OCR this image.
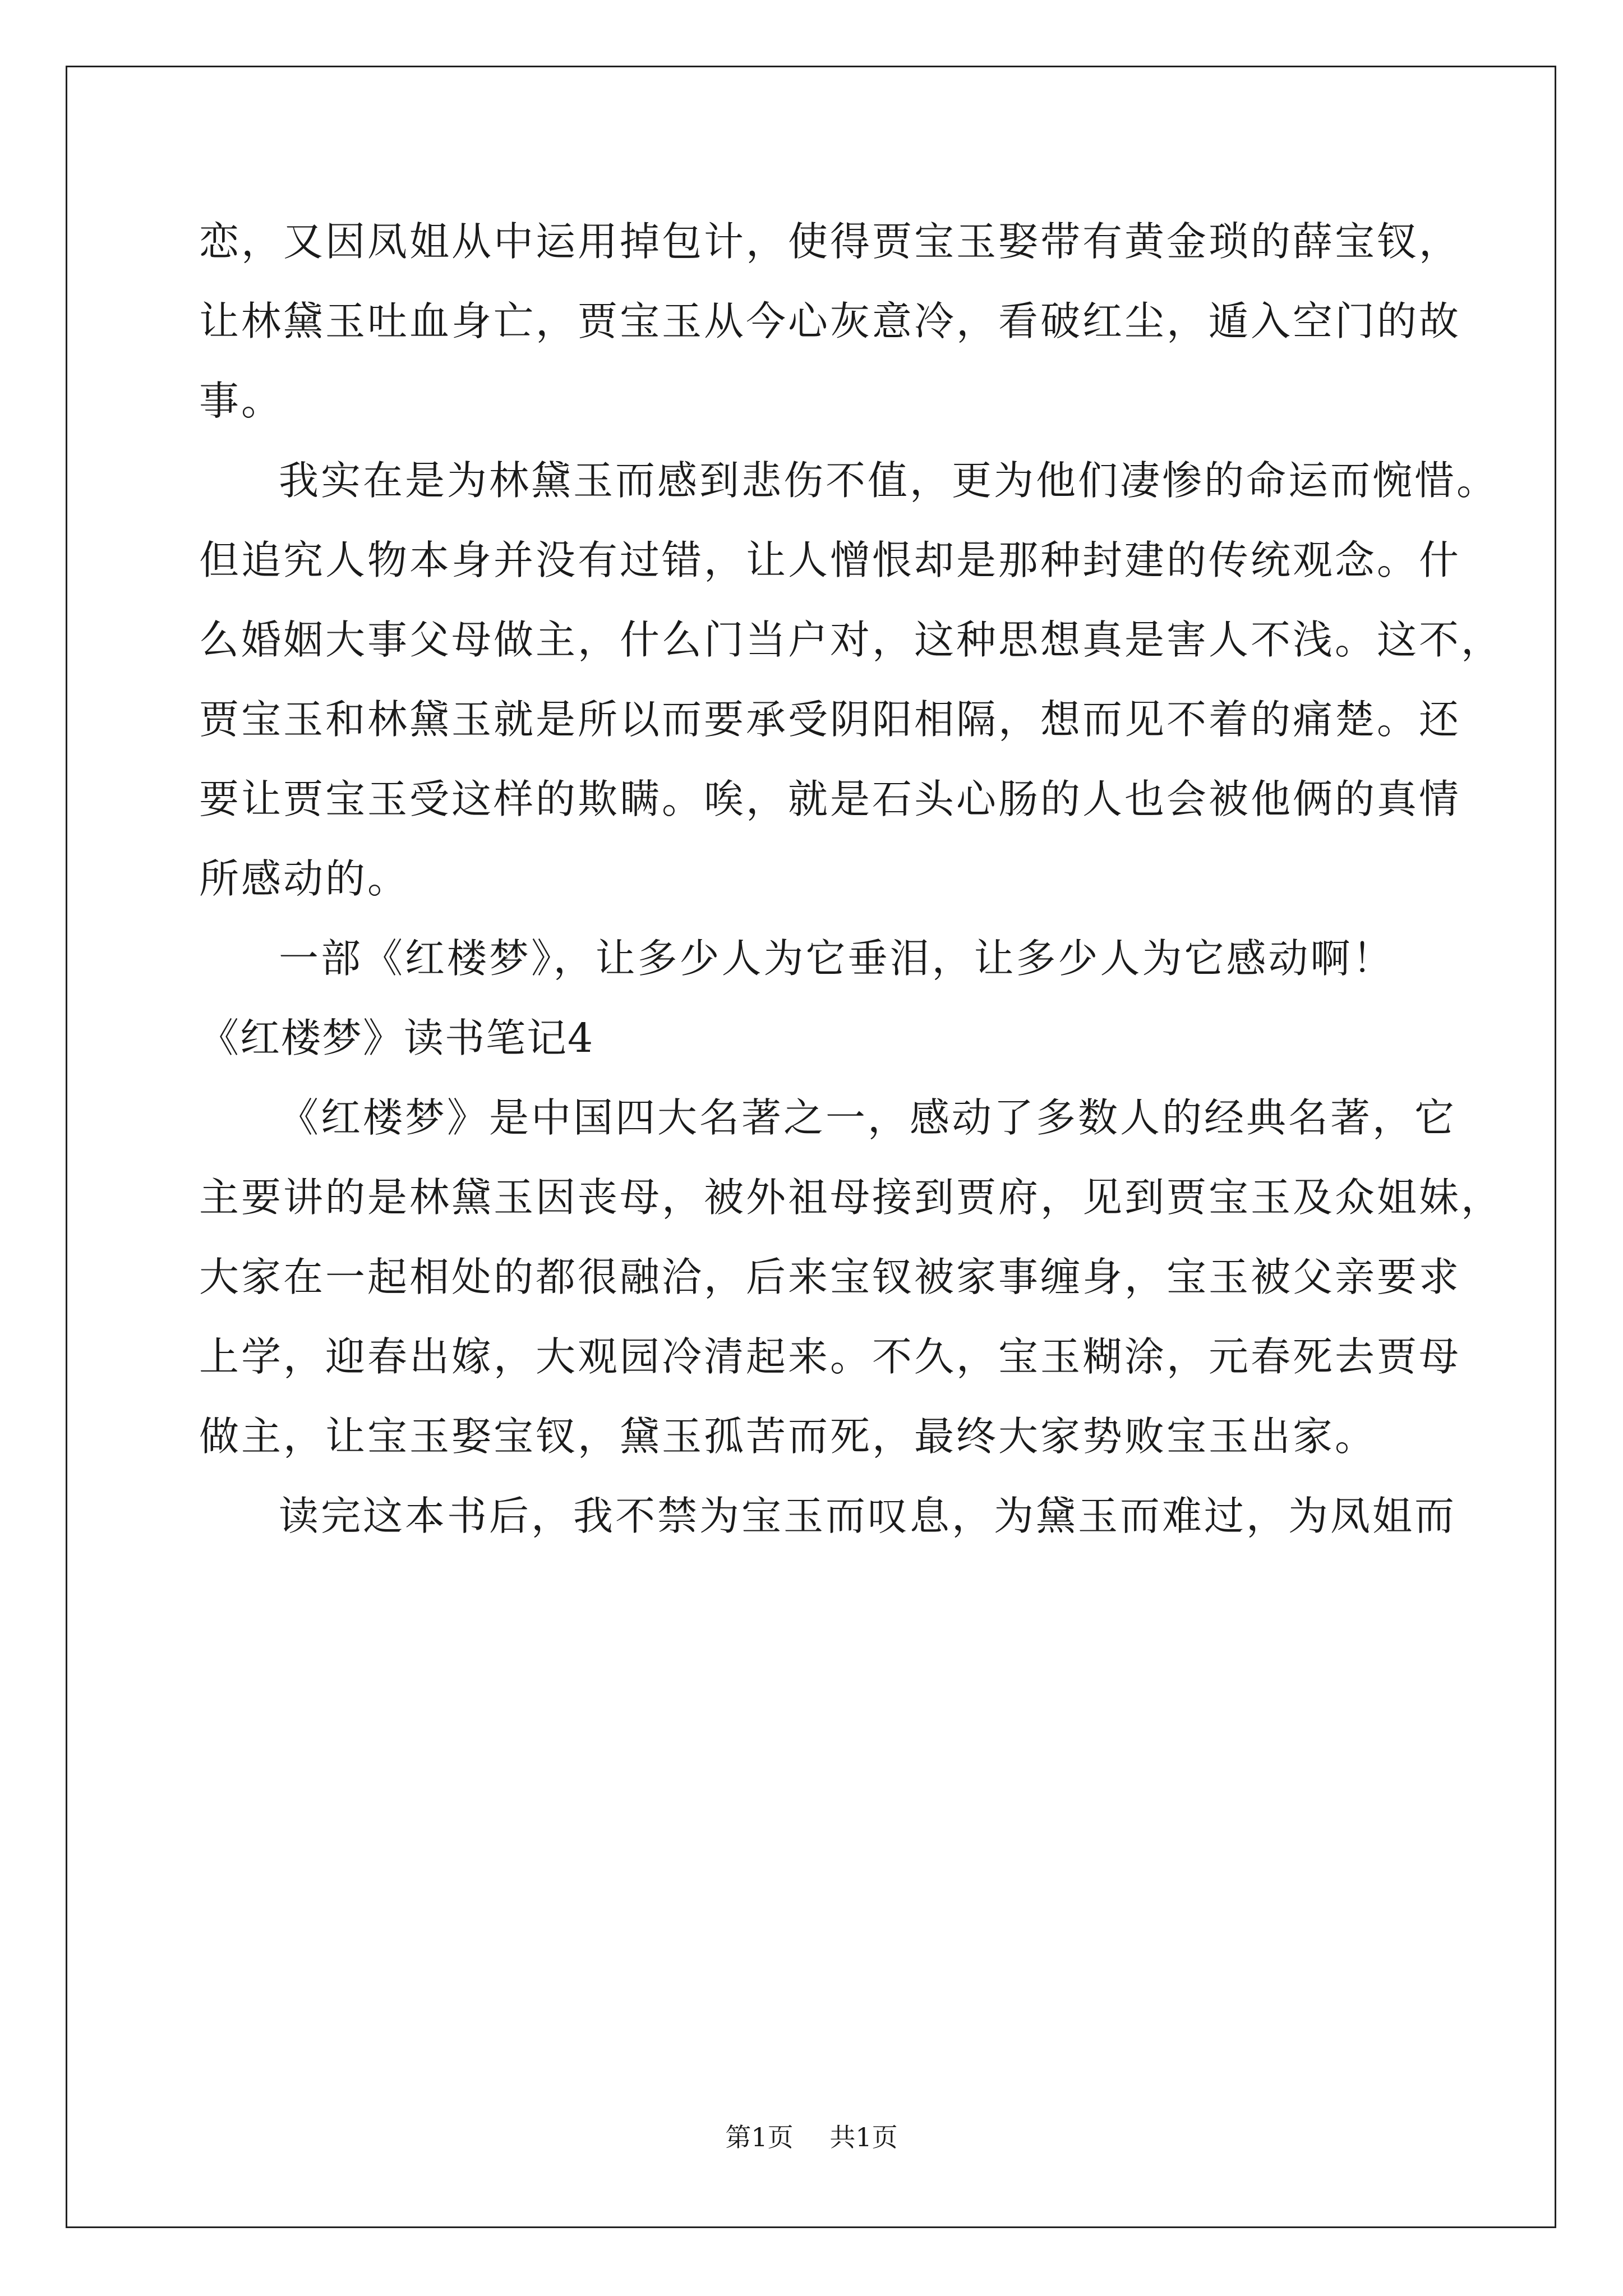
恋，又因凤姐从中运用掉包计，使得贾宝玉娶带有黄金琐的薛宝钗，
让林黛玉吐血身亡，贾宝玉从今心灰意冷，看破红尘，遁入空门的故
事。
我实在是为林黛玉而感到悲伤不值，更为他们凄惨的命运而惋惜。
但追究人物本身并没有过错，让人憎恨却是那种封建的传统观念。什
么婚姻大事父母做主，什么门当户对，这种思想真是害人不浅。这不，
贾宝玉和林黛玉就是所以而要承受阴阳相隔，想而见不着的痛楚。还
要让贾宝玉受这样的欺瞒。唉，就是石头心肠的人也会被他俩的真情
所感动的。
一部《红楼梦》，让多少人为它垂泪，让多少人为它感动啊！
《红楼梦》读书笔记4
《红楼梦》是中国四大名著之一，感动了多数人的经典名著，它
主要讲的是林黛玉因丧母，被外祖母接到贾府，见到贾宝玉及众姐妹，
大家在一起相处的都很融洽，后来宝钗被家事缠身，宝玉被父亲要求
上学，迎春出嫁，大观园冷清起来。不久，宝玉糊涂，元春死去贾母
做主，让宝玉娶宝钗，黛玉孤苦而死，最终大家势败宝玉出家。
读完这本书后，我不禁为宝玉而叹息，为黛玉而难过，为凤姐而
第1页 共1页
